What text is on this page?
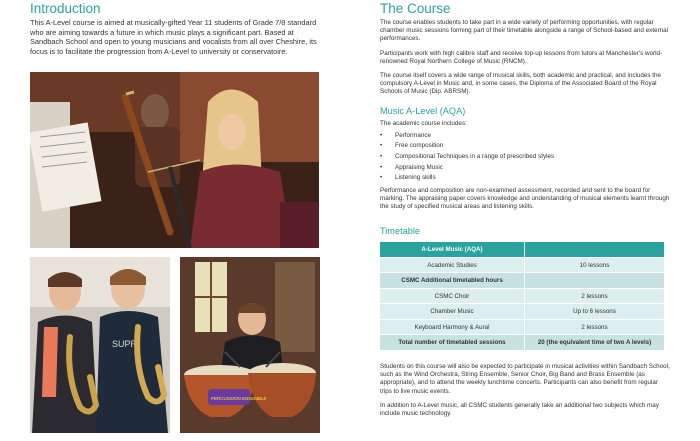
Introduction

This A-Level course is aimed at musically-gifted Year 11 students of Grade 7/8 standard who are aiming towards a future in which music plays a significant part. Based at Sandbach School and open to young musicians and vocalists from all over Cheshire, its focus is to facilitate the progression from A-Level to university or conservatoire.

SUPR
PERCUSSION ENSEMBLE
The Course

The course enables students to take part in a wide variety of performing opportunities, with regular chamber music sessions forming part of their timetable alongside a range of School-based and external performances.

Participants work with high calibre staff and receive top-up lessons from tutors at Manchester's world-renowned Royal Northern College of Music (RNCM).

The course itself covers a wide range of musical skills, both academic and practical, and includes the compulsory A-Level in Music and, in some cases, the Diploma of the Associated Board of the Royal Schools of Music (Dip. ABRSM).

Music A-Level (AQA)

The academic course includes:

• Performance
• Free composition
• Compositional Techniques in a range of prescribed styles
• Appraising Music
• Listening skills

Performance and composition are non-examined assessment, recorded and sent to the board for marking. The appraising paper covers knowledge and understanding of musical elements learnt through the study of specified musical areas and listening skills.

Timetable
A-Level Music (AQA)	
Academic Studies	10 lessons
CSMC Additional timetabled hours	
CSMC Choir	2 lessons
Chamber Music	Up to 6 lessons
Keyboard Harmony & Aural	2 lessons
Total number of timetabled sessions	20 (the equivalent time of two A levels)

Students on this course will also be expected to participate in musical activities within Sandbach School, such as the Wind Orchestra, String Ensemble, Senior Choir, Big Band and Brass Ensemble (as appropriate), and to attend the weekly lunchtime concerts. Participants can also benefit from regular trips to live music events.

In addition to A-Level music, all CSMC students generally take an additional two subjects which may include music technology.
